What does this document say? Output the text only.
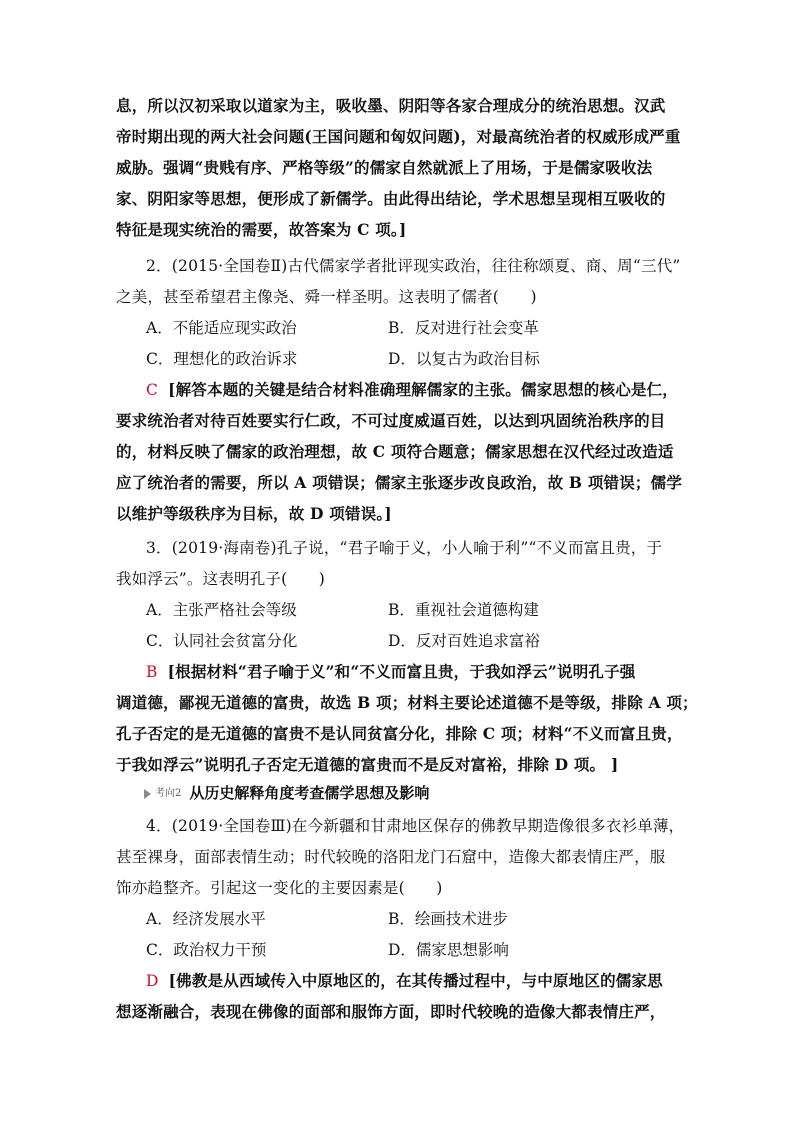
息，所以汉初采取以道家为主，吸收墨、阴阳等各家合理成分的统治思想。汉武
帝时期出现的两大社会问题(王国问题和匈奴问题)，对最高统治者的权威形成严重
威胁。强调“贵贱有序、严格等级”的儒家自然就派上了用场，于是儒家吸收法
家、阴阳家等思想，便形成了新儒学。由此得出结论，学术思想呈现相互吸收的
特征是现实统治的需要，故答案为 C 项。]
2．(2015·全国卷Ⅱ)古代儒家学者批评现实政治，往往称颂夏、商、周“三代”
之美，甚至希望君主像尧、舜一样圣明。这表明了儒者(　　)
A．不能适应现实政治	B．反对进行社会变革
C．理想化的政治诉求	D．以复古为政治目标
C [解答本题的关键是结合材料准确理解儒家的主张。儒家思想的核心是仁，
要求统治者对待百姓要实行仁政，不可过度威逼百姓，以达到巩固统治秩序的目
的，材料反映了儒家的政治理想，故 C 项符合题意；儒家思想在汉代经过改造适
应了统治者的需要，所以 A 项错误；儒家主张逐步改良政治，故 B 项错误；儒学
以维护等级秩序为目标，故 D 项错误。]
3．(2019·海南卷)孔子说，“君子喻于义，小人喻于利”“不义而富且贵，于
我如浮云”。这表明孔子(　　)
A．主张严格社会等级	B．重视社会道德构建
C．认同社会贫富分化	D．反对百姓追求富裕
B [根据材料“君子喻于义”和“不义而富且贵，于我如浮云”说明孔子强
调道德，鄙视无道德的富贵，故选 B 项；材料主要论述道德不是等级，排除 A 项；
孔子否定的是无道德的富贵不是认同贫富分化，排除 C 项；材料“不义而富且贵，
于我如浮云”说明孔子否定无道德的富贵而不是反对富裕，排除 D 项。 ]
考向2 从历史解释角度考查儒学思想及影响
4．(2019·全国卷Ⅲ)在今新疆和甘肃地区保存的佛教早期造像很多衣衫单薄，
甚至裸身，面部表情生动；时代较晚的洛阳龙门石窟中，造像大都表情庄严，服
饰亦趋整齐。引起这一变化的主要因素是(　　)
A．经济发展水平	B．绘画技术进步
C．政治权力干预	D．儒家思想影响
D [佛教是从西域传入中原地区的，在其传播过程中，与中原地区的儒家思
想逐渐融合，表现在佛像的面部和服饰方面，即时代较晚的造像大都表情庄严，
